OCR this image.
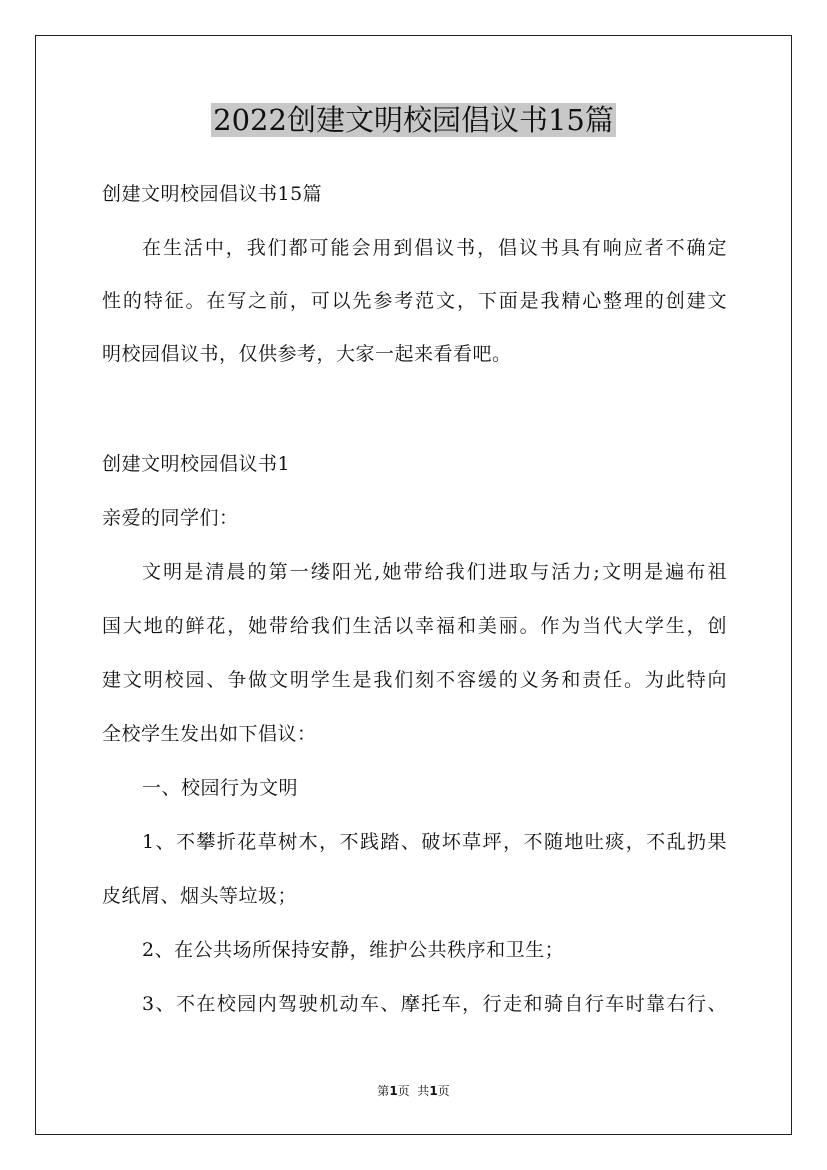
2022创建文明校园倡议书15篇
创建文明校园倡议书15篇
在生活中，我们都可能会用到倡议书，倡议书具有响应者不确定
性的特征。在写之前，可以先参考范文，下面是我精心整理的创建文
明校园倡议书，仅供参考，大家一起来看看吧。
创建文明校园倡议书1
亲爱的同学们：
文明是清晨的第一缕阳光,她带给我们进取与活力;文明是遍布祖
国大地的鲜花，她带给我们生活以幸福和美丽。作为当代大学生，创
建文明校园、争做文明学生是我们刻不容缓的义务和责任。为此特向
全校学生发出如下倡议：
一、校园行为文明
1、不攀折花草树木，不践踏、破坏草坪，不随地吐痰，不乱扔果
皮纸屑、烟头等垃圾；
2、在公共场所保持安静，维护公共秩序和卫生；
3、不在校园内驾驶机动车、摩托车，行走和骑自行车时靠右行、
第1页  共1页
